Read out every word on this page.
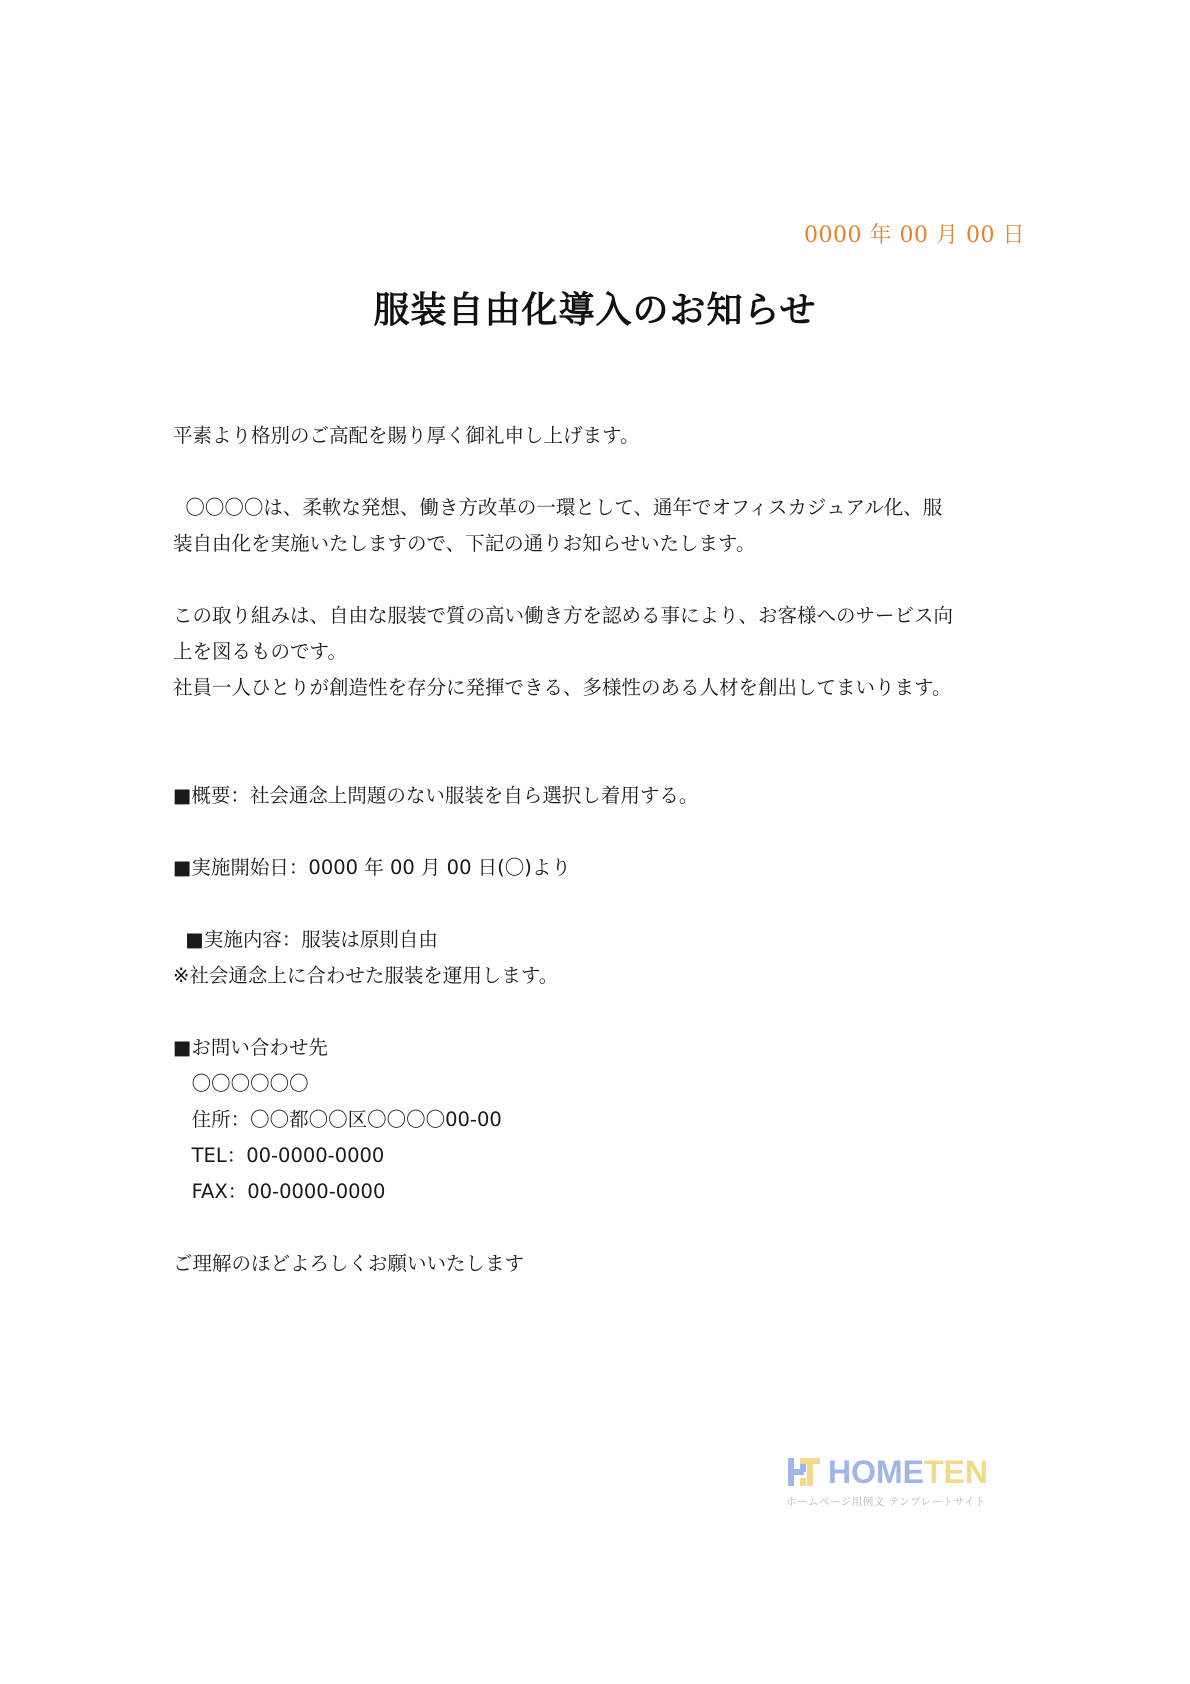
0000 年 00 月 00 日
服装自由化導入のお知らせ
平素より格別のご高配を賜り厚く御礼申し上げます。
〇〇〇〇は、柔軟な発想、働き方改革の一環として、通年でオフィスカジュアル化、服
装自由化を実施いたしますので、下記の通りお知らせいたします。
この取り組みは、自由な服装で質の高い働き方を認める事により、お客様へのサービス向
上を図るものです。
社員一人ひとりが創造性を存分に発揮できる、多様性のある人材を創出してまいります。
■概要：社会通念上問題のない服装を自ら選択し着用する。
■実施開始日：0000 年 00 月 00 日(〇)より
■実施内容：服装は原則自由
※社会通念上に合わせた服装を運用します。
■お問い合わせ先
〇〇〇〇〇〇
住所：〇〇都〇〇区〇〇〇〇00-00
TEL：00-0000-0000
FAX：00-0000-0000
ご理解のほどよろしくお願いいたします
HOMETEN
ホームページ用例文 テンプレートサイト
